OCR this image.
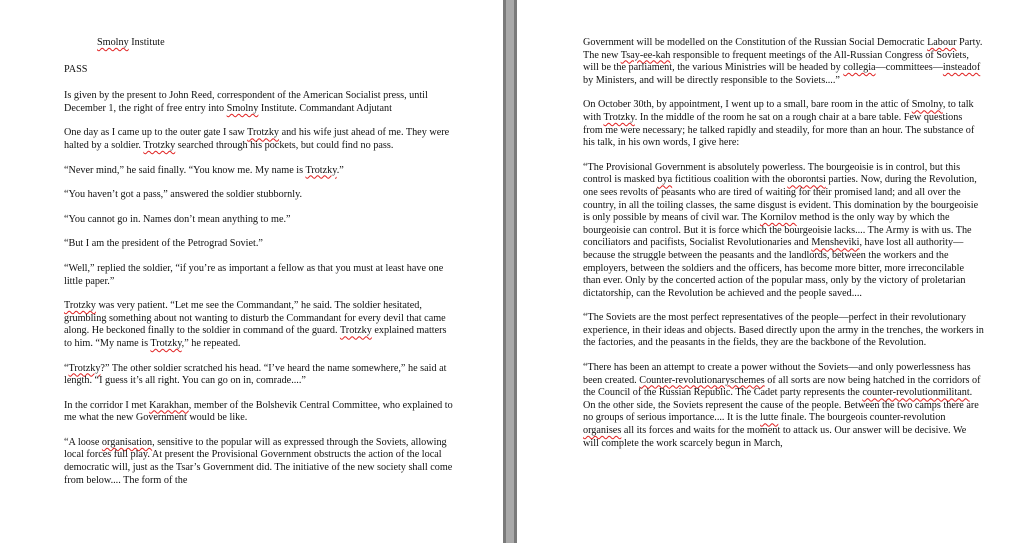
Smolny Institute

PASS

Is given by the present to John Reed, correspondent of the American Socialist press, until December 1, the right of free entry into Smolny Institute. Commandant Adjutant

One day as I came up to the outer gate I saw Trotzky and his wife just ahead of me. They were halted by a soldier. Trotzky searched through his pockets, but could find no pass.

“Never mind,” he said finally. “You know me. My name is Trotzky.”

“You haven’t got a pass,” answered the soldier stubbornly.

“You cannot go in. Names don’t mean anything to me.”

“But I am the president of the Petrograd Soviet.”

“Well,” replied the soldier, “if you’re as important a fellow as that you must at least have one little paper.”

Trotzky was very patient. “Let me see the Commandant,” he said. The soldier hesitated, grumbling something about not wanting to disturb the Commandant for every devil that came along. He beckoned finally to the soldier in command of the guard. Trotzky explained matters to him. “My name is Trotzky,” he repeated.

“Trotzky?” The other soldier scratched his head. “I’ve heard the name somewhere,” he said at length. “I guess it’s all right. You can go on in, comrade....”

In the corridor I met Karakhan, member of the Bolshevik Central Committee, who explained to me what the new Government would be like.

“A loose organisation, sensitive to the popular will as expressed through the Soviets, allowing local forces full play. At present the Provisional Government obstructs the action of the local democratic will, just as the Tsar’s Government did. The initiative of the new society shall come from below.... The form of the

Government will be modelled on the Constitution of the Russian Social Democratic Labour Party. The new Tsay-ee-kah responsible to frequent meetings of the All-Russian Congress of Soviets, will be the parliament, the various Ministries will be headed by collegia—committees—insteadof by Ministers, and will be directly responsible to the Soviets....”

On October 30th, by appointment, I went up to a small, bare room in the attic of Smolny, to talk with Trotzky. In the middle of the room he sat on a rough chair at a bare table. Few questions from me were necessary; he talked rapidly and steadily, for more than an hour. The substance of his talk, in his own words, I give here:

“The Provisional Government is absolutely powerless. The bourgeoisie is in control, but this control is masked bya fictitious coalition with the oborontsi parties. Now, during the Revolution, one sees revolts of peasants who are tired of waiting for their promised land; and all over the country, in all the toiling classes, the same disgust is evident. This domination by the bourgeoisie is only possible by means of civil war. The Kornilov method is the only way by which the bourgeoisie can control. But it is force which the bourgeoisie lacks.... The Army is with us. The conciliators and pacifists, Socialist Revolutionaries and Mensheviki, have lost all authority—because the struggle between the peasants and the landlords, between the workers and the employers, between the soldiers and the officers, has become more bitter, more irreconcilable than ever. Only by the concerted action of the popular mass, only by the victory of proletarian dictatorship, can the Revolution be achieved and the people saved....

“The Soviets are the most perfect representatives of the people—perfect in their revolutionary experience, in their ideas and objects. Based directly upon the army in the trenches, the workers in the factories, and the peasants in the fields, they are the backbone of the Revolution.

“There has been an attempt to create a power without the Soviets—and only powerlessness has been created. Counter-revolutionaryschemes of all sorts are now being hatched in the corridors of the Council of the Russian Republic. The Cadet party represents the counter-revolutionmilitant. On the other side, the Soviets represent the cause of the people. Between the two camps there are no groups of serious importance.... It is the lutte finale. The bourgeois counter-revolution organises all its forces and waits for the moment to attack us. Our answer will be decisive. We will complete the work scarcely begun in March,
